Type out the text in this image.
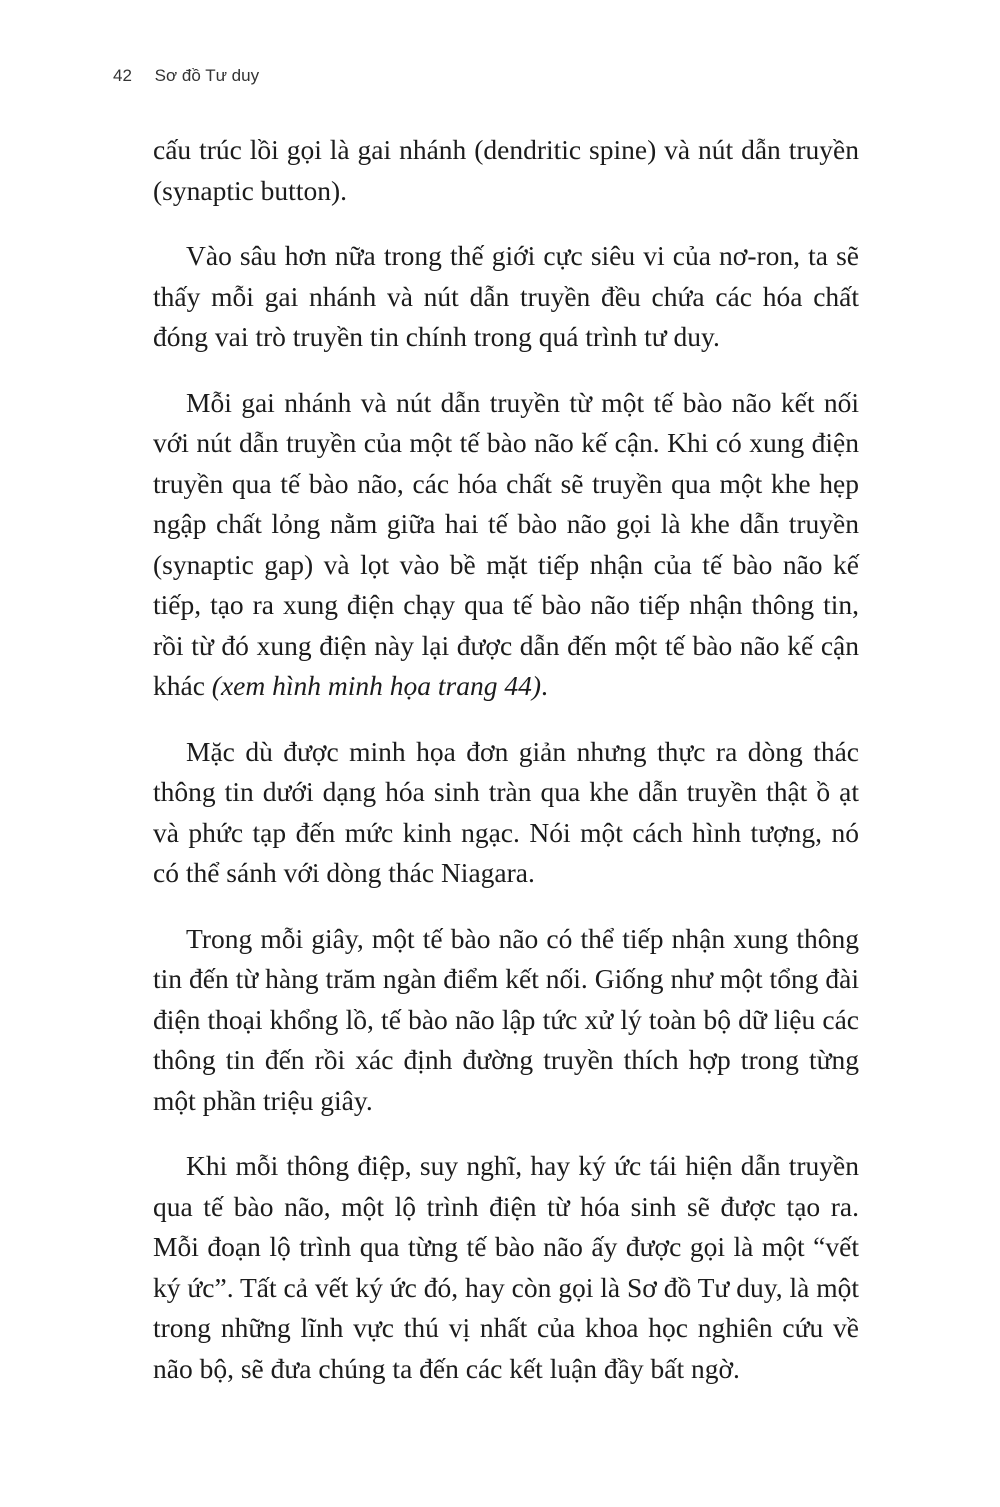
42 Sơ đồ Tư duy

cấu trúc lồi gọi là gai nhánh (dendritic spine) và nút dẫn truyền (synaptic button).

Vào sâu hơn nữa trong thế giới cực siêu vi của nơ-ron, ta sẽ thấy mỗi gai nhánh và nút dẫn truyền đều chứa các hóa chất đóng vai trò truyền tin chính trong quá trình tư duy.

Mỗi gai nhánh và nút dẫn truyền từ một tế bào não kết nối với nút dẫn truyền của một tế bào não kế cận. Khi có xung điện truyền qua tế bào não, các hóa chất sẽ truyền qua một khe hẹp ngập chất lỏng nằm giữa hai tế bào não gọi là khe dẫn truyền (synaptic gap) và lọt vào bề mặt tiếp nhận của tế bào não kế tiếp, tạo ra xung điện chạy qua tế bào não tiếp nhận thông tin, rồi từ đó xung điện này lại được dẫn đến một tế bào não kế cận khác (xem hình minh họa trang 44).

Mặc dù được minh họa đơn giản nhưng thực ra dòng thác thông tin dưới dạng hóa sinh tràn qua khe dẫn truyền thật ồ ạt và phức tạp đến mức kinh ngạc. Nói một cách hình tượng, nó có thể sánh với dòng thác Niagara.

Trong mỗi giây, một tế bào não có thể tiếp nhận xung thông tin đến từ hàng trăm ngàn điểm kết nối. Giống như một tổng đài điện thoại khổng lồ, tế bào não lập tức xử lý toàn bộ dữ liệu các thông tin đến rồi xác định đường truyền thích hợp trong từng một phần triệu giây.

Khi mỗi thông điệp, suy nghĩ, hay ký ức tái hiện dẫn truyền qua tế bào não, một lộ trình điện từ hóa sinh sẽ được tạo ra. Mỗi đoạn lộ trình qua từng tế bào não ấy được gọi là một “vết ký ức”. Tất cả vết ký ức đó, hay còn gọi là Sơ đồ Tư duy, là một trong những lĩnh vực thú vị nhất của khoa học nghiên cứu về não bộ, sẽ đưa chúng ta đến các kết luận đầy bất ngờ.
